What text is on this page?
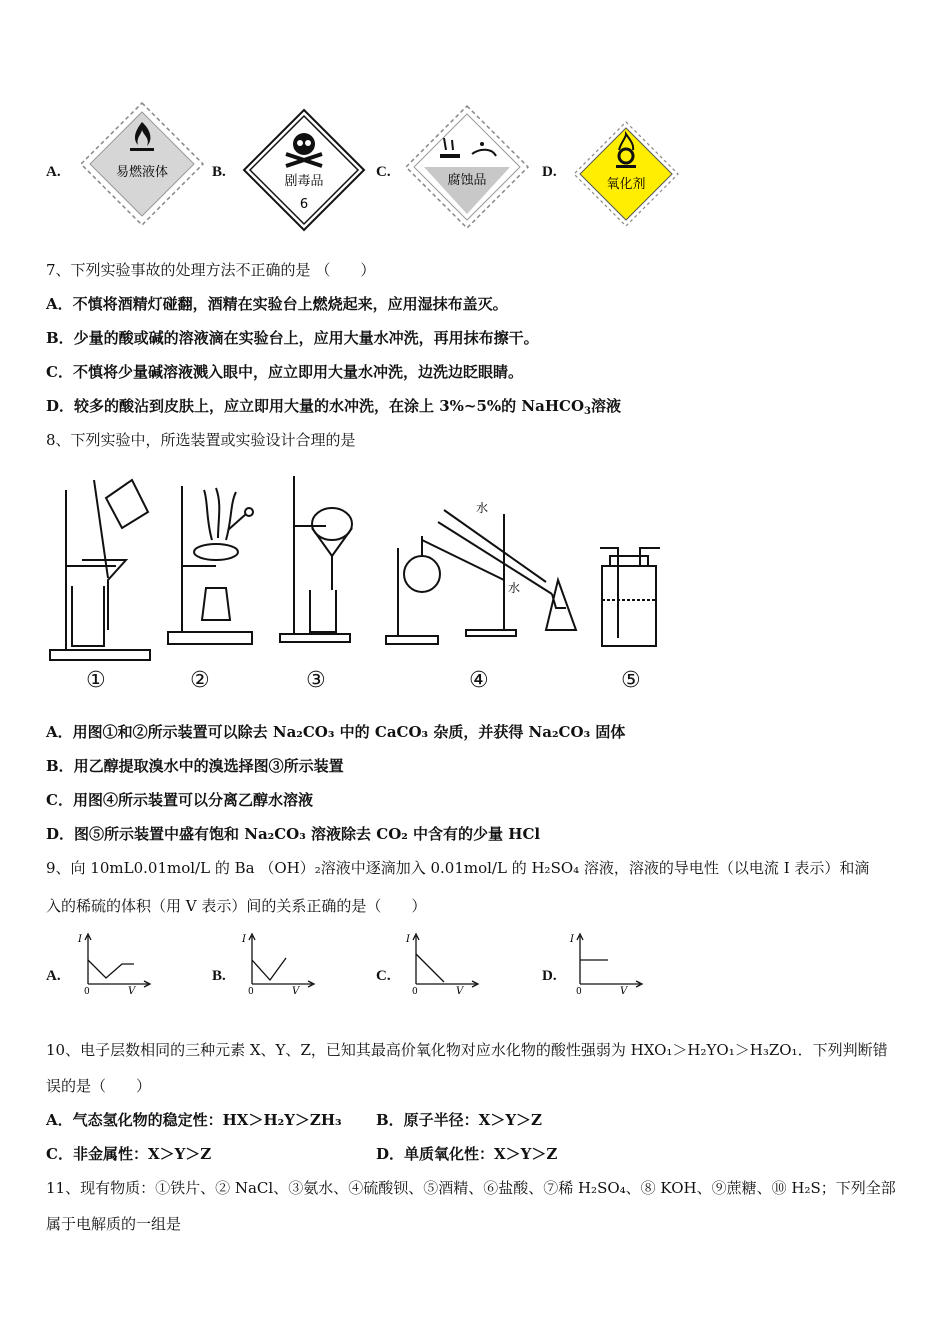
A.	易燃液体	B.
剧毒品
6
C.
腐蚀品
D.
氧化剂
7、下列实验事故的处理方法不正确的是 （　　）
A．不慎将酒精灯碰翻，酒精在实验台上燃烧起来，应用湿抹布盖灭。
B．少量的酸或碱的溶液滴在实验台上，应用大量水冲洗，再用抹布擦干。
C．不慎将少量碱溶液溅入眼中，应立即用大量水冲洗，边洗边眨眼睛。
D．较多的酸沾到皮肤上，应立即用大量的水冲洗，在涂上 3%~5%的 NaHCO$_3$溶液
8、下列实验中，所选装置或实验设计合理的是
水
水
①	②	③	④	⑤
A．用图①和②所示装置可以除去 Na₂CO₃ 中的 CaCO₃ 杂质，并获得 Na₂CO₃ 固体
B．用乙醇提取溴水中的溴选择图③所示装置
C．用图④所示装置可以分离乙醇水溶液
D．图⑤所示装置中盛有饱和 Na₂CO₃ 溶液除去 CO₂ 中含有的少量 HCl
9、向 10mL0.01mol/L 的 Ba （OH）₂溶液中逐滴加入 0.01mol/L 的 H₂SO₄ 溶液，溶液的导电性（以电流 I 表示）和滴
入的稀硫的体积（用 V 表示）间的关系正确的是（　　）
A.
I
0	V
B.
I
0	V
C.
I
0	V
D.
I
0	V
10、电子层数相同的三种元素 X、Y、Z，已知其最高价氧化物对应水化物的酸性强弱为 HXO₁＞H₂YO₁＞H₃ZO₁．下列判断错
误的是（　　）
A．气态氢化物的稳定性：HX＞H₂Y＞ZH₃ B．原子半径：X＞Y＞Z
C．非金属性：X＞Y＞Z	D．单质氧化性：X＞Y＞Z
11、现有物质：①铁片、② NaCl、③氨水、④硫酸钡、⑤酒精、⑥盐酸、⑦稀 H₂SO₄、⑧ KOH、⑨蔗糖、⑩ H₂S；下列全部
属于电解质的一组是
